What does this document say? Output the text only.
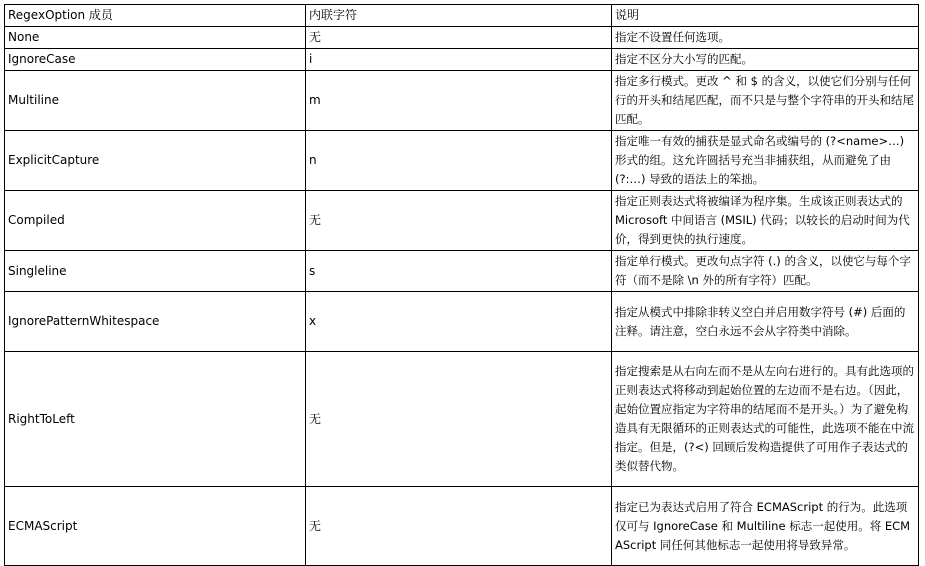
RegexOption 成员	内联字符	说明
None	无	指定不设置任何选项。
IgnoreCase	i	指定不区分大小写的匹配。
Multiline	m	指定多行模式。更改 ^ 和 $ 的含义，以使它们分别与任何行的开头和结尾匹配，而不只是与整个字符串的开头和结尾匹配。
ExplicitCapture	n	指定唯一有效的捕获是显式命名或编号的 (?<name>…) 形式的组。这允许圆括号充当非捕获组，从而避免了由 (?:…) 导致的语法上的笨拙。
Compiled	无	指定正则表达式将被编译为程序集。生成该正则表达式的 Microsoft 中间语言 (MSIL) 代码；以较长的启动时间为代价，得到更快的执行速度。
Singleline	s	指定单行模式。更改句点字符 (.) 的含义，以使它与每个字符（而不是除 \n 外的所有字符）匹配。
IgnorePatternWhitespace	x	指定从模式中排除非转义空白并启用数字符号 (#) 后面的注释。请注意，空白永远不会从字符类中消除。
RightToLeft	无	指定搜索是从右向左而不是从左向右进行的。具有此选项的正则表达式将移动到起始位置的左边而不是右边。（因此，起始位置应指定为字符串的结尾而不是开头。）为了避免构造具有无限循环的正则表达式的可能性，此选项不能在中流指定。但是，(?<) 回顾后发构造提供了可用作子表达式的类似替代物。
ECMAScript	无	指定已为表达式启用了符合 ECMAScript 的行为。此选项仅可与 IgnoreCase 和 Multiline 标志一起使用。将 ECMAScript 同任何其他标志一起使用将导致异常。
